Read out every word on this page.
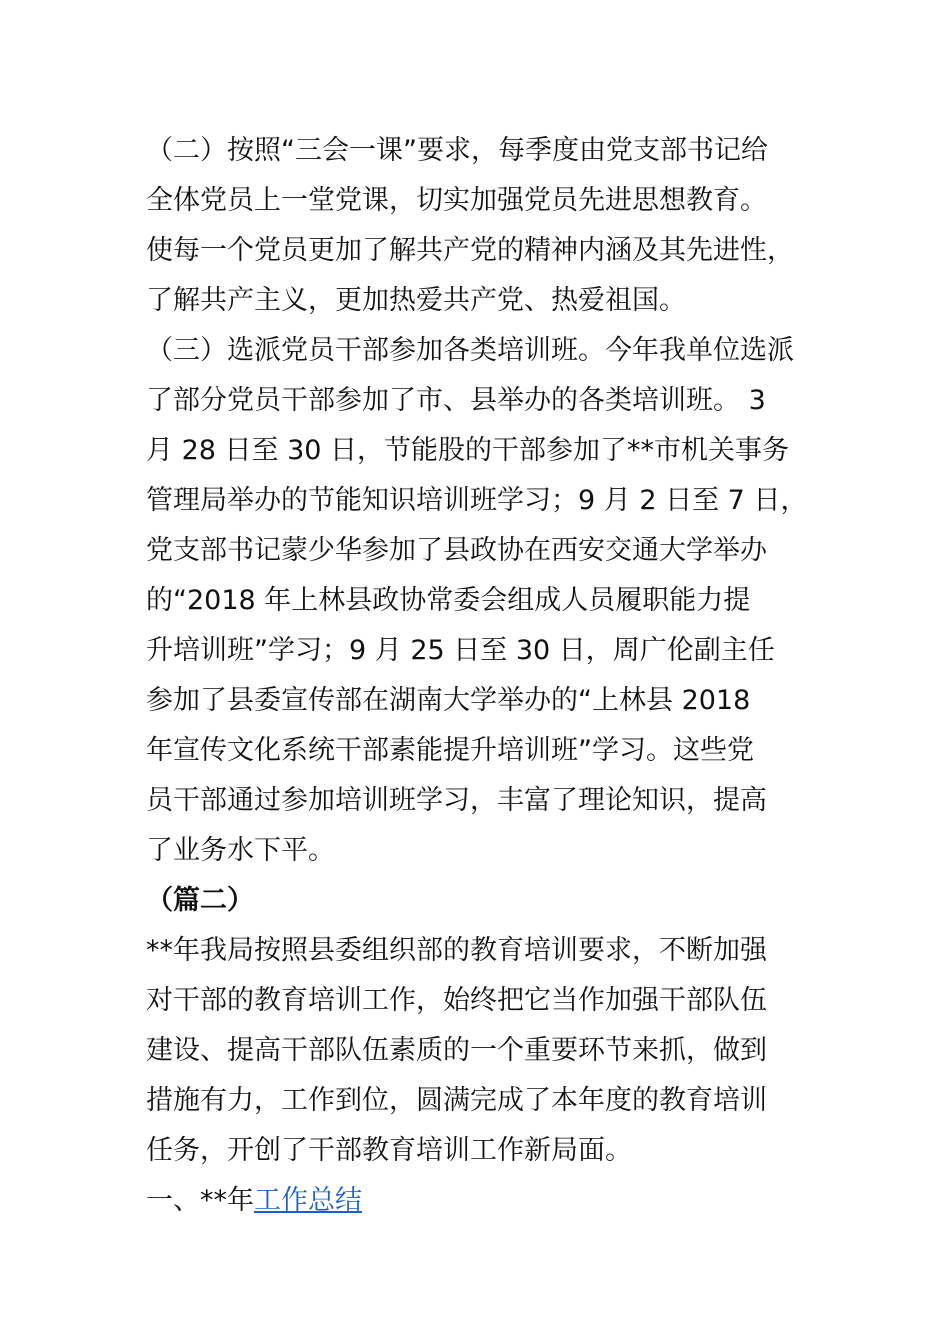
（二）按照“三会一课”要求，每季度由党支部书记给
全体党员上一堂党课，切实加强党员先进思想教育。
使每一个党员更加了解共产党的精神内涵及其先进性，
了解共产主义，更加热爱共产党、热爱祖国。
（三）选派党员干部参加各类培训班。今年我单位选派
了部分党员干部参加了市、县举办的各类培训班。 3
月 28 日至 30 日，节能股的干部参加了**市机关事务
管理局举办的节能知识培训班学习；9 月 2 日至 7 日，
党支部书记蒙少华参加了县政协在西安交通大学举办
的“2018 年上林县政协常委会组成人员履职能力提
升培训班”学习；9 月 25 日至 30 日，周广伦副主任
参加了县委宣传部在湖南大学举办的“上林县 2018
年宣传文化系统干部素能提升培训班”学习。这些党
员干部通过参加培训班学习，丰富了理论知识，提高
了业务水下平。
（篇二）
**年我局按照县委组织部的教育培训要求，不断加强
对干部的教育培训工作，始终把它当作加强干部队伍
建设、提高干部队伍素质的一个重要环节来抓，做到
措施有力，工作到位，圆满完成了本年度的教育培训
任务，开创了干部教育培训工作新局面。
一、**年工作总结
